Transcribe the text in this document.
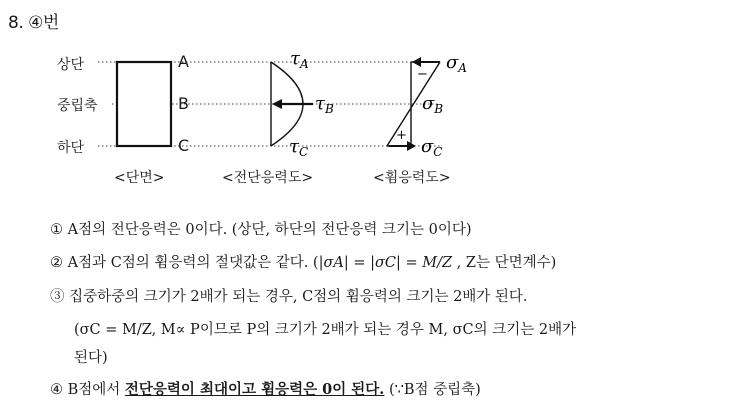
8. ④번
−
+
$\tau_A$
$\tau_B$
$\tau_C$
$\sigma_A$
$\sigma_B$
$\sigma_C$
상단
중립축
하단
A
B
C
<단면>	<전단응력도>	<휨응력도>
① A점의 전단응력은 0이다. (상단, 하단의 전단응력 크기는 0이다)
② A점과 C점의 휨응력의 절댓값은 같다. (|σA| = |σC| = M/Z , Z는 단면계수)
③ 집중하중의 크기가 2배가 되는 경우, C점의 휨응력의 크기는 2배가 된다.
(σC = M/Z, M∝ P이므로 P의 크기가 2배가 되는 경우 M, σC의 크기는 2배가
된다)
④ B점에서 전단응력이 최대이고 휨응력은 0이 된다. (∵B점 중립축)
